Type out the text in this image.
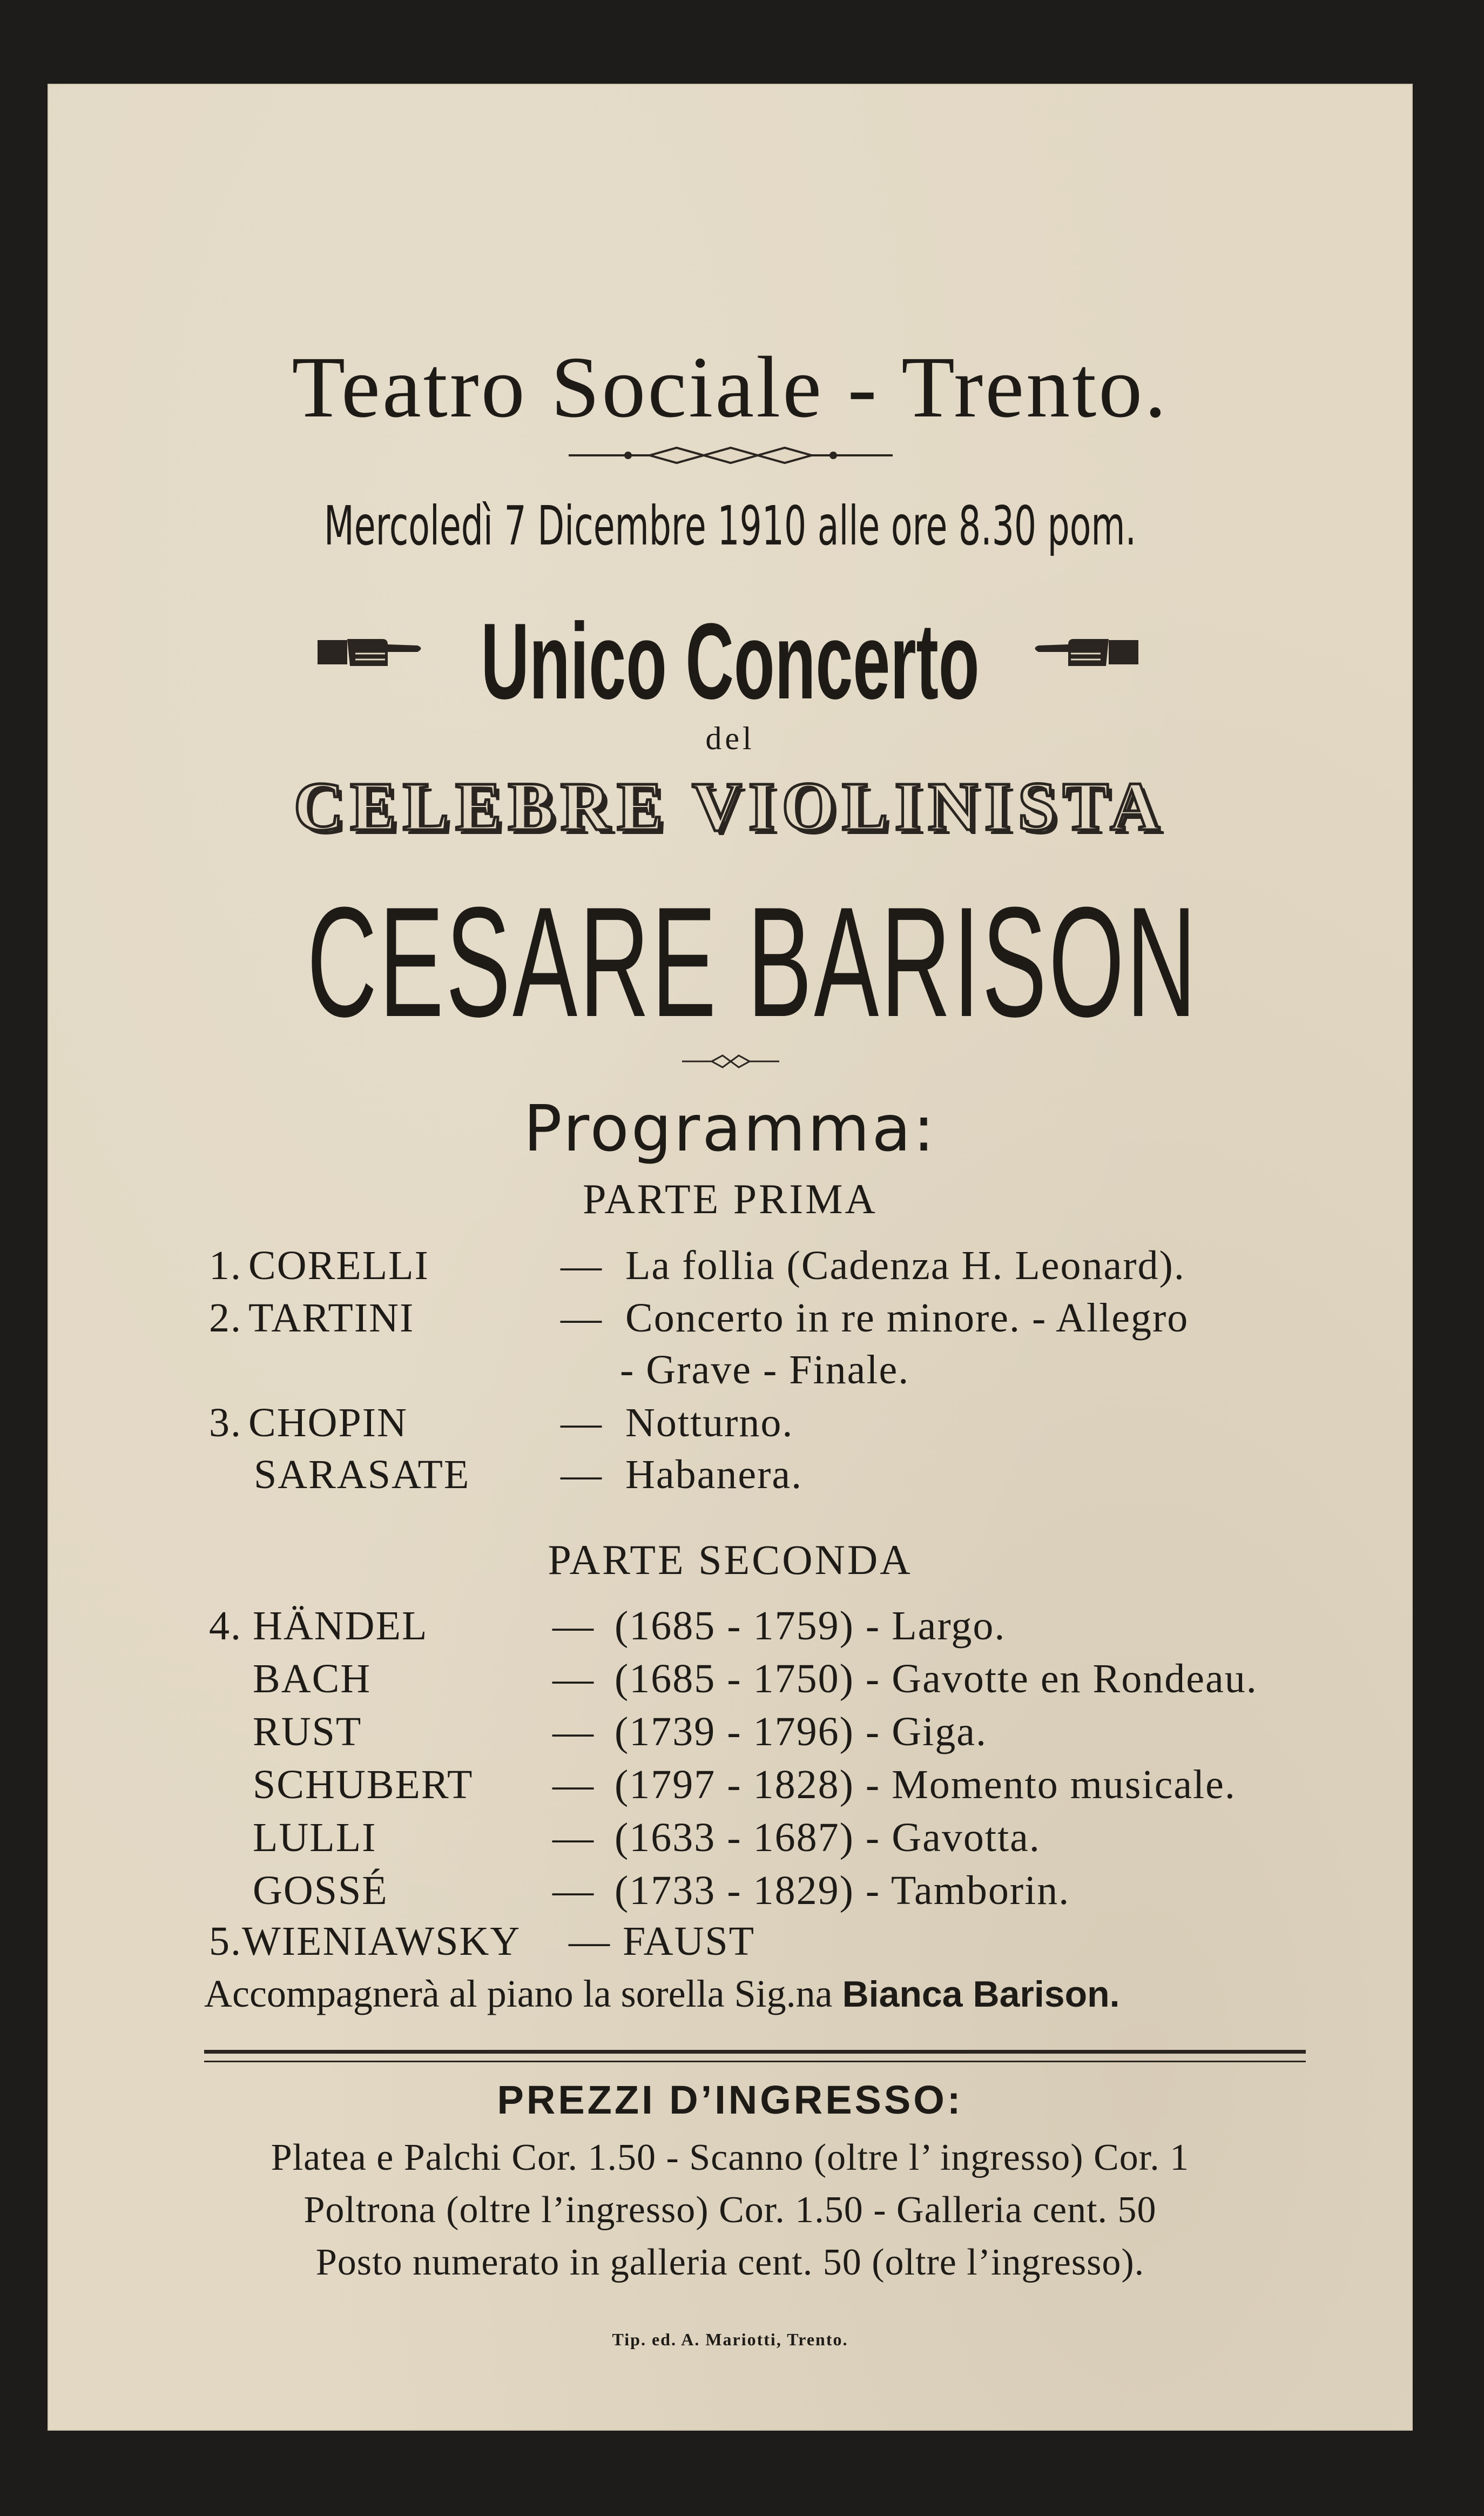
Teatro Sociale - Trento.
Mercoledì 7 Dicembre 1910 alle ore 8.30 pom.
Unico Concerto
del
CELEBRE VIOLINISTA
CESARE BARISON
Programma:
PARTE PRIMA
1. CORELLI	— La follia (Cadenza H. Leonard).
2. TARTINI	— Concerto in re minore. - Allegro
- Grave - Finale.
3. CHOPIN	— Notturno.
SARASATE — Habanera.
PARTE SECONDA
4. HÄNDEL	— (1685 - 1759) - Largo.
BACH	— (1685 - 1750) - Gavotte en Rondeau.
RUST	— (1739 - 1796) - Giga.
SCHUBERT — (1797 - 1828) - Momento musicale.
LULLI	— (1633 - 1687) - Gavotta.
GOSSÉ	— (1733 - 1829) - Tamborin.
5. WIENIAWSKY — FAUST
Accompagnerà al piano la sorella Sig.na Bianca Barison.
PREZZI D’INGRESSO:
Platea e Palchi Cor. 1.50 - Scanno (oltre l’ ingresso) Cor. 1
Poltrona (oltre l’ingresso) Cor. 1.50 - Galleria cent. 50
Posto numerato in galleria cent. 50 (oltre l’ingresso).
Tip. ed. A. Mariotti, Trento.
